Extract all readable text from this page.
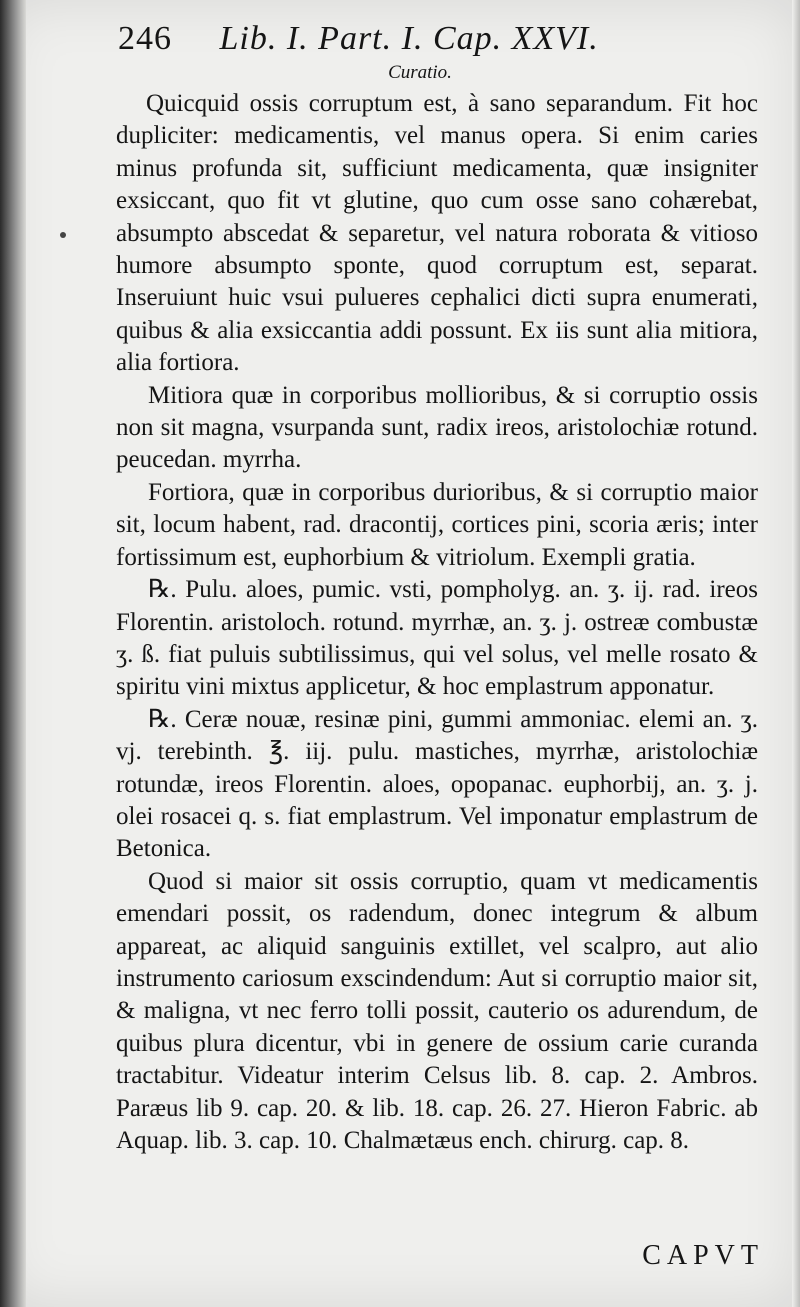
246 Lib. I. Part. I. Cap. XXVI.
Curatio.

Quicquid ossis corruptum est, à sano separandum. Fit hoc dupliciter: medicamentis, vel manus opera. Si enim caries minus profunda sit, sufficiunt medicamenta, quæ insigniter exsiccant, quo fit vt glutine, quo cum osse sano cohærebat, absumpto abscedat & separetur, vel natura roborata & vitioso humore absumpto sponte, quod corruptum est, separat. Inseruiunt huic vsui pulueres cephalici dicti supra enumerati, quibus & alia exsiccantia addi possunt. Ex iis sunt alia mitiora, alia fortiora.

Mitiora quæ in corporibus mollioribus, & si corruptio ossis non sit magna, vsurpanda sunt, radix ireos, aristolochiæ rotund. peucedan. myrrha.

Fortiora, quæ in corporibus durioribus, & si corruptio maior sit, locum habent, rad. dracontij, cortices pini, scoria æris; inter fortissimum est, euphorbium & vitriolum. Exempli gratia.

℞. Pulu. aloes, pumic. vsti, pompholyg. an. ʒ. ij. rad. ireos Florentin. aristoloch. rotund. myrrhæ, an. ʒ. j. ostreæ combustæ ʒ. ß. fiat puluis subtilissimus, qui vel solus, vel melle rosato & spiritu vini mixtus applicetur, & hoc emplastrum apponatur.

℞. Ceræ nouæ, resinæ pini, gummi ammoniac. elemi an. ʒ. vj. terebinth. ℥. iij. pulu. mastiches, myrrhæ, aristolochiæ rotundæ, ireos Florentin. aloes, opopanac. euphorbij, an. ʒ. j. olei rosacei q. s. fiat emplastrum. Vel imponatur emplastrum de Betonica.

Quod si maior sit ossis corruptio, quam vt medicamentis emendari possit, os radendum, donec integrum & album appareat, ac aliquid sanguinis extillet, vel scalpro, aut alio instrumento cariosum exscindendum: Aut si corruptio maior sit, & maligna, vt nec ferro tolli possit, cauterio os adurendum, de quibus plura dicentur, vbi in genere de ossium carie curanda tractabitur. Videatur interim Celsus lib. 8. cap. 2. Ambros. Paræus lib 9. cap. 20. & lib. 18. cap. 26. 27. Hieron Fabric. ab Aquap. lib. 3. cap. 10. Chalmætæus ench. chirurg. cap. 8.

CAPVT
